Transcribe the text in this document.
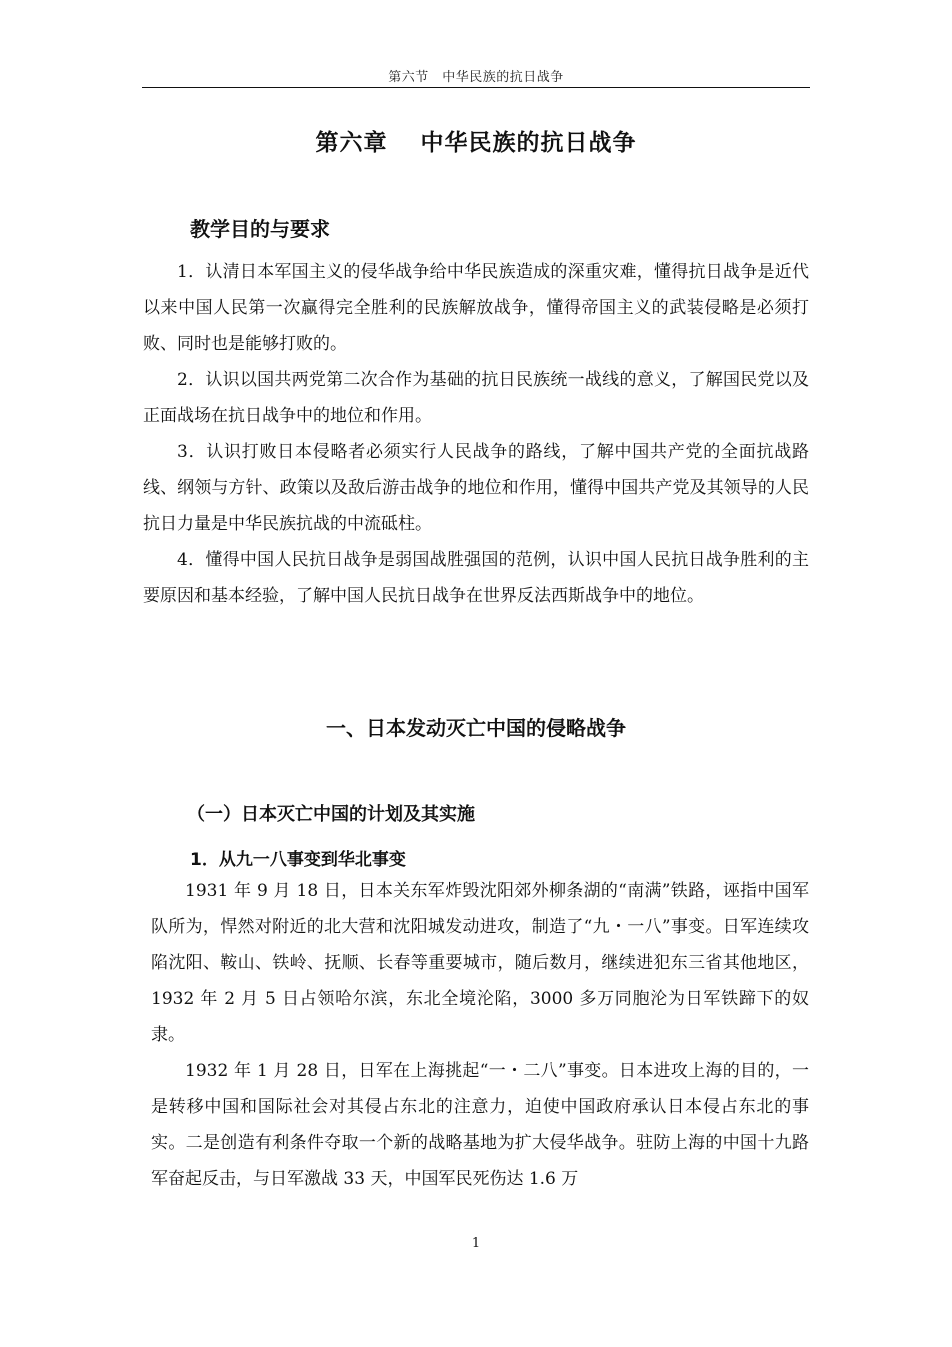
第六节　中华民族的抗日战争
第六章　 中华民族的抗日战争
教学目的与要求

1．认清日本军国主义的侵华战争给中华民族造成的深重灾难，懂得抗日战争是近代以来中国人民第一次赢得完全胜利的民族解放战争，懂得帝国主义的武装侵略是必须打败、同时也是能够打败的。

2．认识以国共两党第二次合作为基础的抗日民族统一战线的意义，了解国民党以及正面战场在抗日战争中的地位和作用。

3．认识打败日本侵略者必须实行人民战争的路线，了解中国共产党的全面抗战路线、纲领与方针、政策以及敌后游击战争的地位和作用，懂得中国共产党及其领导的人民抗日力量是中华民族抗战的中流砥柱。

4．懂得中国人民抗日战争是弱国战胜强国的范例，认识中国人民抗日战争胜利的主要原因和基本经验，了解中国人民抗日战争在世界反法西斯战争中的地位。

一、日本发动灭亡中国的侵略战争
（一）日本灭亡中国的计划及其实施
1．从九一八事变到华北事变

1931 年 9 月 18 日，日本关东军炸毁沈阳郊外柳条湖的“南满”铁路，诬指中国军队所为，悍然对附近的北大营和沈阳城发动进攻，制造了“九・一八”事变。日军连续攻陷沈阳、鞍山、铁岭、抚顺、长春等重要城市，随后数月，继续进犯东三省其他地区，1932 年 2 月 5 日占领哈尔滨，东北全境沦陷，3000 多万同胞沦为日军铁蹄下的奴隶。

1932 年 1 月 28 日，日军在上海挑起“一・二八”事变。日本进攻上海的目的，一是转移中国和国际社会对其侵占东北的注意力，迫使中国政府承认日本侵占东北的事实。二是创造有利条件夺取一个新的战略基地为扩大侵华战争。驻防上海的中国十九路军奋起反击，与日军激战 33 天，中国军民死伤达 1.6 万

1
